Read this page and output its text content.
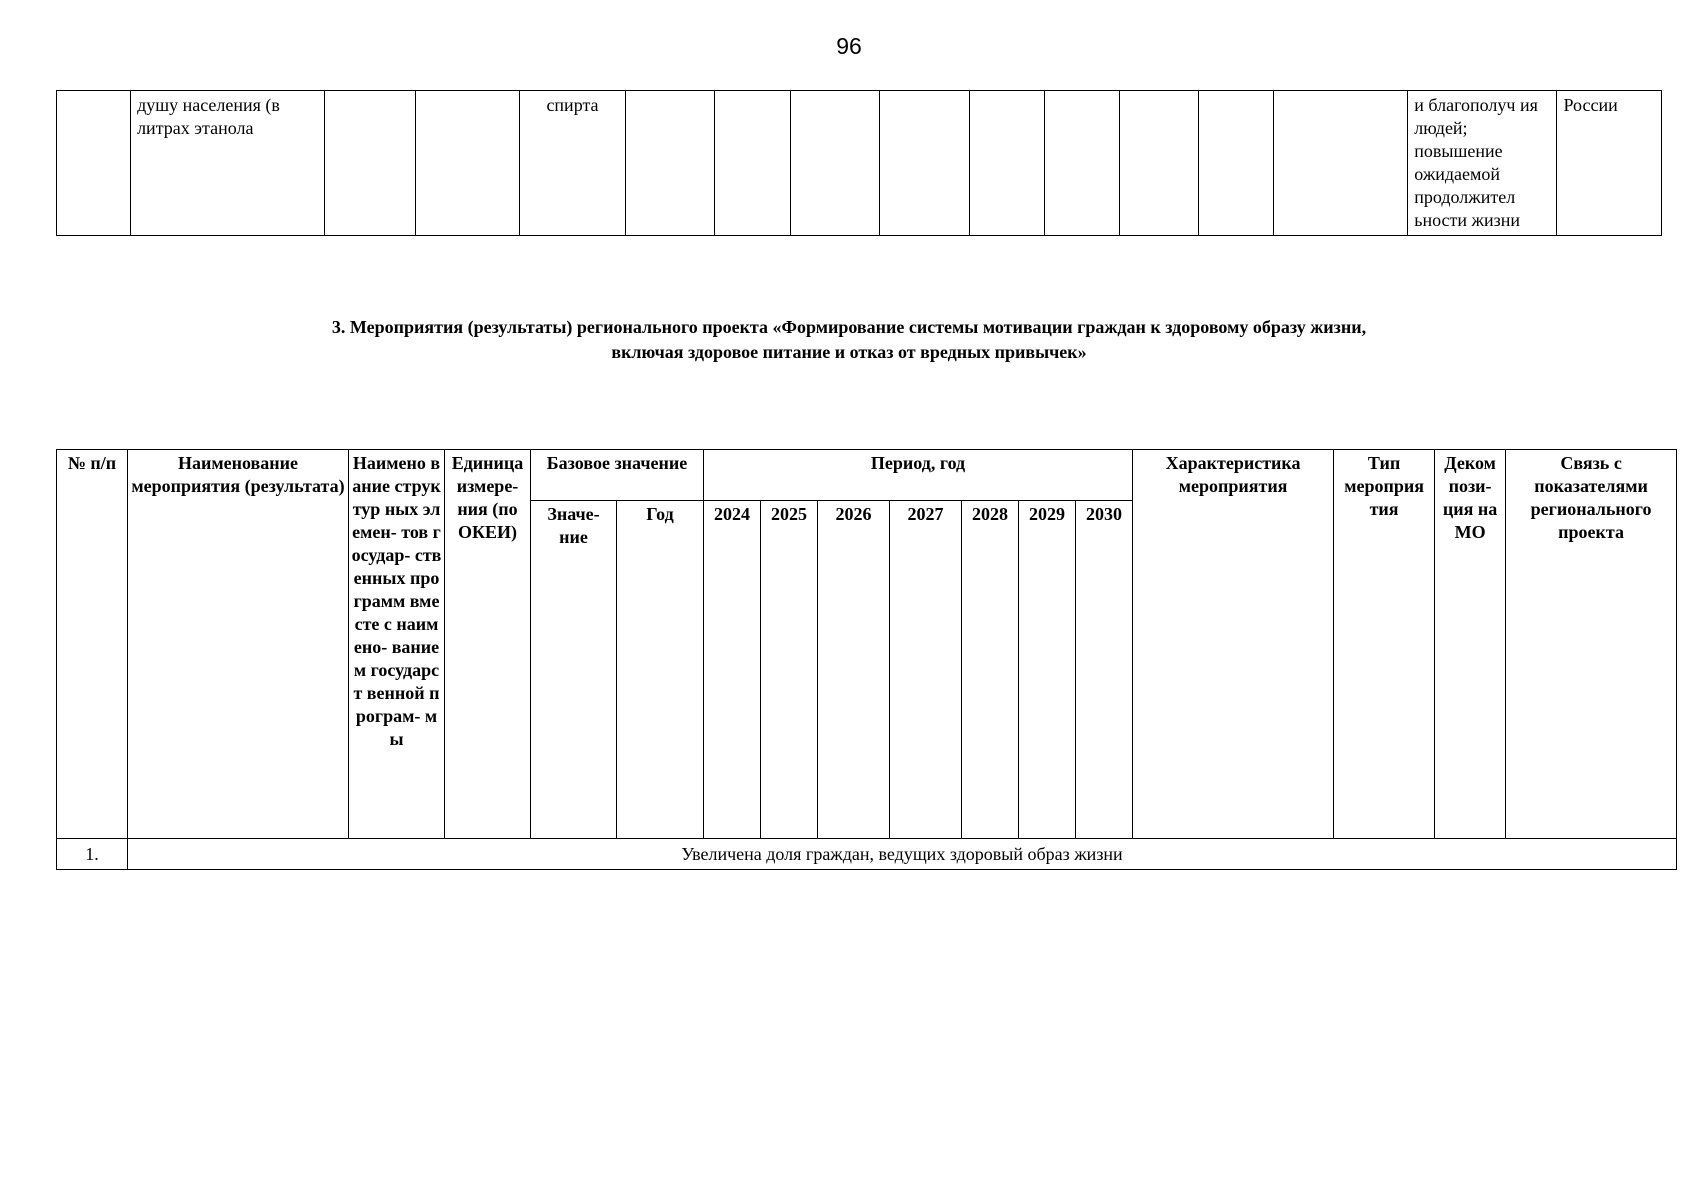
96
	душу населения (в литрах этанола			спирта										и благополуч ия людей; повышение ожидаемой продолжител ьности жизни	России
3. Мероприятия (результаты) регионального проекта «Формирование системы мотивации граждан к здоровому образу жизни,
включая здоровое питание и отказ от вредных привычек»
№ п/п	Наименование мероприятия (результата)	Наимено вание структур ных элемен- тов государ- ственных программ вместе с наимено- ванием государст венной програм- мы	Единица измере- ния (по ОКЕИ)	Базовое значение		Период, год							Характеристика мероприятия	Тип мероприя тия	Деком пози- ция на МО	Связь с показателями регионального проекта
				Значе- ние	Год	2024	2025	2026	2027	2028	2029	2030				
1.	Увеличена доля граждан, ведущих здоровый образ жизни															
